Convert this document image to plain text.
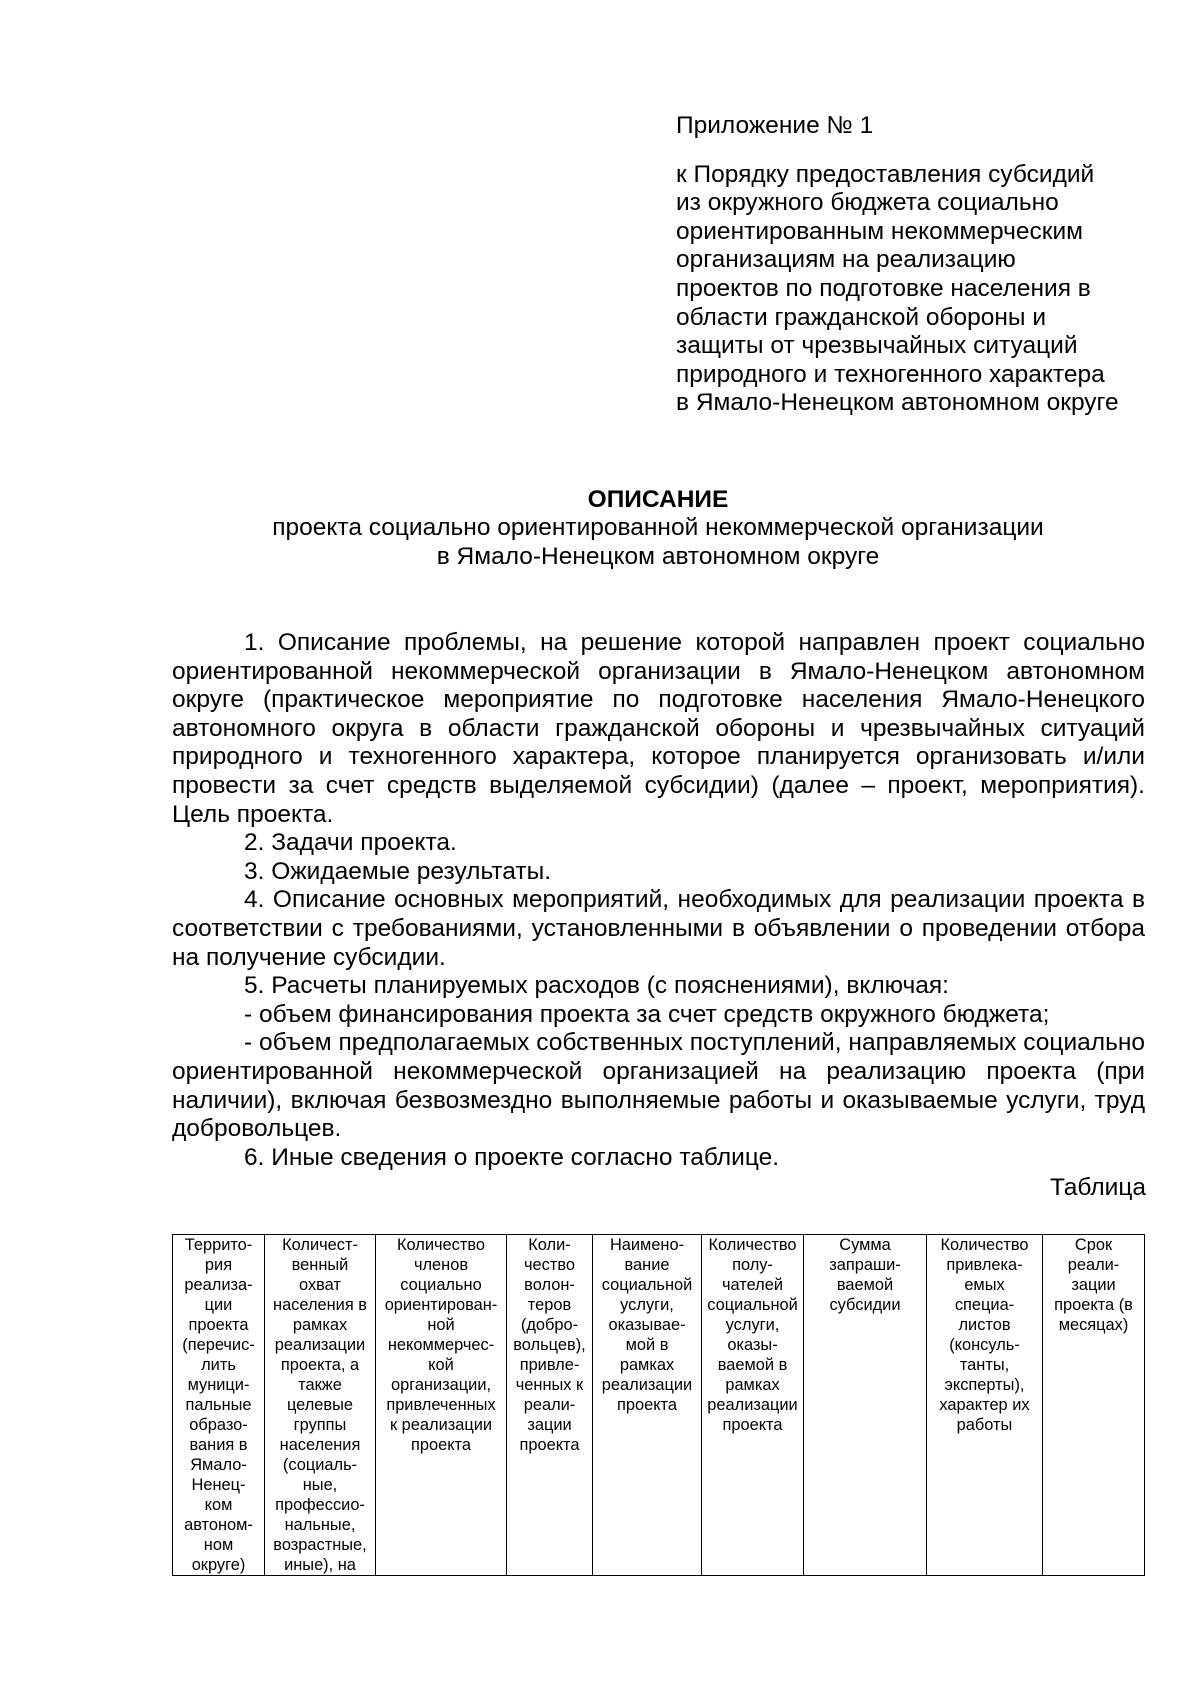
Приложение № 1

к Порядку предоставления субсидий
из окружного бюджета социально
ориентированным некоммерческим
организациям на реализацию
проектов по подготовке населения в
области гражданской обороны и
защиты от чрезвычайных ситуаций
природного и техногенного характера
в Ямало-Ненецком автономном округе

ОПИСАНИЕ

проекта социально ориентированной некоммерческой организации
в Ямало-Ненецком автономном округе

1. Описание проблемы, на решение которой направлен проект социально ориентированной некоммерческой организации в Ямало-Ненецком автономном округе (практическое мероприятие по подготовке населения Ямало-Ненецкого автономного округа в области гражданской обороны и чрезвычайных ситуаций природного и техногенного характера, которое планируется организовать и/или провести за счет средств выделяемой субсидии) (далее – проект, мероприятия). Цель проекта.

2. Задачи проекта.

3. Ожидаемые результаты.

4. Описание основных мероприятий, необходимых для реализации проекта в соответствии с требованиями, установленными в объявлении о проведении отбора на получение субсидии.

5. Расчеты планируемых расходов (с пояснениями), включая:

- объем финансирования проекта за счет средств окружного бюджета;

- объем предполагаемых собственных поступлений, направляемых социально ориентированной некоммерческой организацией на реализацию проекта (при наличии), включая безвозмездно выполняемые работы и оказываемые услуги, труд добровольцев.

6. Иные сведения о проекте согласно таблице.

Таблица
Террито-
рия
реализа-
ции
проекта
(перечис-
лить
муници-
пальные
образо-
вания в
Ямало-
Ненец-
ком
автоном-
ном
округе)	Количест-
венный
охват
населения в
рамках
реализации
проекта, а
также
целевые
группы
населения
(социаль-
ные,
профессио-
нальные,
возрастные,
иные), на	Количество
членов
социально
ориентирован-
ной
некоммерчес-
кой
организации,
привлеченных
к реализации
проекта	Коли-
чество
волон-
теров
(добро-
вольцев),
привле-
ченных к
реали-
зации
проекта	Наимено-
вание
социальной
услуги,
оказывае-
мой в
рамках
реализации
проекта	Количество
полу-
чателей
социальной
услуги,
оказы-
ваемой в
рамках
реализации
проекта	Сумма
запраши-
ваемой
субсидии	Количество
привлека-
емых
специа-
листов
(консуль-
танты,
эксперты),
характер их
работы	Срок
реали-
зации
проекта (в
месяцах)
